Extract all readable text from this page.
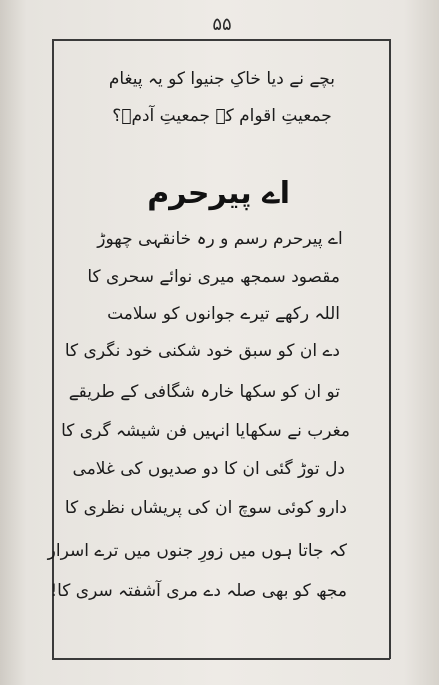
۵۵
بچے نے دیا خاکِ جنیوا کو یہ پیغام
جمعیتِ اقوام کہ جمعیتِ آدمؔ؟
اے پیرحرم
اے پیرحرم رسم و رہ خانقہی چھوڑ
مقصود سمجھ میری نوائے سحری کا
اللہ رکھے تیرے جوانوں کو سلامت
دے ان کو سبق خود شکنی خود نگری کا
تو ان کو سکھا خارہ شگافی کے طریقے
مغرب نے سکھایا انہیں فن شیشہ گری کا
دل توڑ گئی ان کا دو صدیوں کی غلامی
دارو کوئی سوچ ان کی پریشاں نظری کا
کہ جاتا ہوں میں زورِ جنوں میں ترے اسرار
مجھ کو بھی صلہ دے مری آشفتہ سری کا!
